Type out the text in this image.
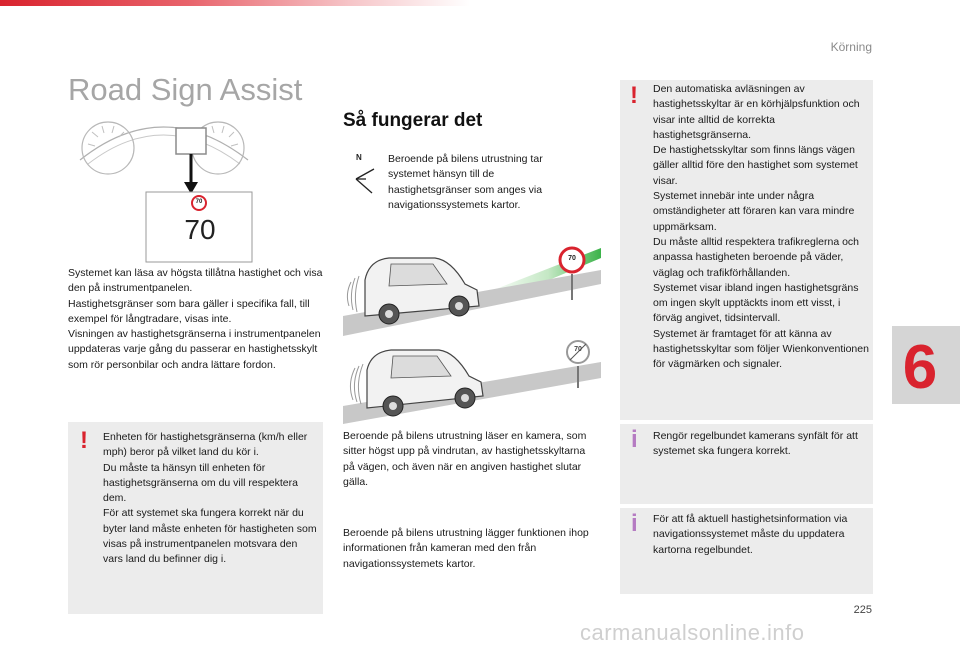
Körning
6
Road Sign Assist
70
70
Systemet kan läsa av högsta tillåtna hastighet och visa den på instrumentpanelen.
Hastighetsgränser som bara gäller i specifika fall, till exempel för långtradare, visas inte.
Visningen av hastighetsgränserna i instrumentpanelen uppdateras varje gång du passerar en hastighetsskylt som rör personbilar och andra lättare fordon.
! Enheten för hastighetsgränserna (km/h eller mph) beror på vilket land du kör i.
Du måste ta hänsyn till enheten för hastighetsgränserna om du vill respektera dem.
För att systemet ska fungera korrekt när du byter land måste enheten för hastigheten som visas på instrumentpanelen motsvara den vars land du befinner dig i.
Så fungerar det
N Beroende på bilens utrustning tar systemet hänsyn till de hastighetsgränser som anges via navigationssystemets kartor.
70
70
Beroende på bilens utrustning läser en kamera, som sitter högst upp på vindrutan, av hastighetsskyltarna på vägen, och även när en angiven hastighet slutar gälla.
Beroende på bilens utrustning lägger funktionen ihop informationen från kameran med den från navigationssystemets kartor.
! Den automatiska avläsningen av hastighetsskyltar är en körhjälpsfunktion och visar inte alltid de korrekta hastighetsgränserna.
De hastighetsskyltar som finns längs vägen gäller alltid före den hastighet som systemet visar.
Systemet innebär inte under några omständigheter att föraren kan vara mindre uppmärksam.
Du måste alltid respektera trafikreglerna och anpassa hastigheten beroende på väder, väglag och trafikförhållanden.
Systemet visar ibland ingen hastighetsgräns om ingen skylt upptäckts inom ett visst, i förväg angivet, tidsintervall.
Systemet är framtaget för att känna av hastighetsskyltar som följer Wienkonventionen för vägmärken och signaler.
i Rengör regelbundet kamerans synfält för att systemet ska fungera korrekt.
i För att få aktuell hastighetsinformation via navigationssystemet måste du uppdatera kartorna regelbundet.
225
carmanualsonline.info
